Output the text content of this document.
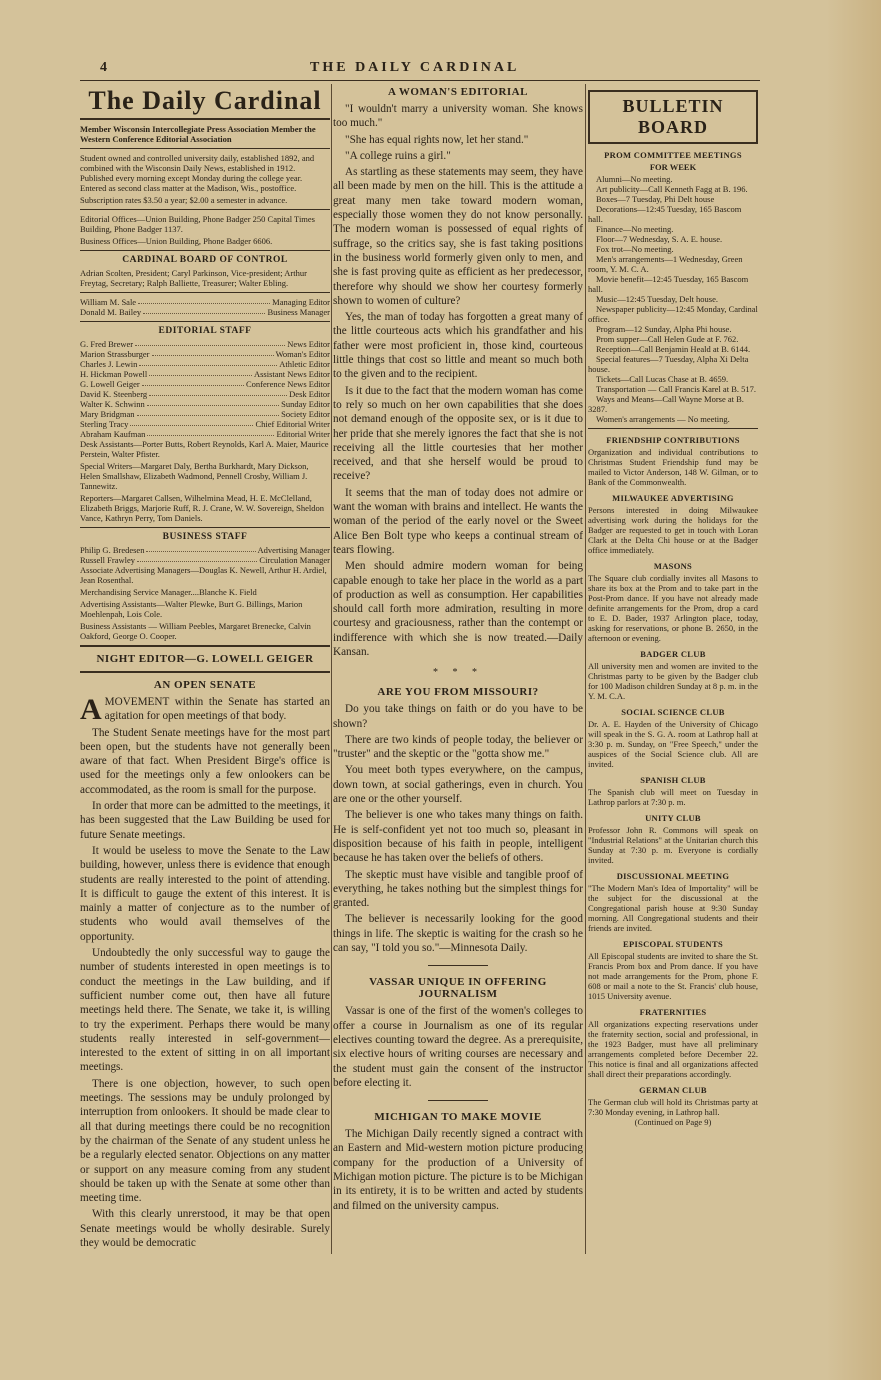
4	THE DAILY CARDINAL
The Daily Cardinal

Member Wisconsin Intercollegiate Press Association Member the Western Conference Editorial Association

Student owned and controlled university daily, established 1892, and combined with the Wisconsin Daily News, established in 1912. Published every morning except Monday during the college year. Entered as second class matter at the Madison, Wis., postoffice.

Subscription rates $3.50 a year; $2.00 a semester in advance.

Editorial Offices—Union Building, Phone Badger 250 Capital Times Building, Phone Badger 1137.

Business Offices—Union Building, Phone Badger 6606.

CARDINAL BOARD OF CONTROL

Adrian Scolten, President; Caryl Parkinson, Vice-president; Arthur Freytag, Secretary; Ralph Balliette, Treasurer; Walter Ebling.

William M. Sale	Managing Editor
Donald M. Bailey	Business Manager
EDITORIAL STAFF
G. Fred Brewer	News Editor
Marion Strassburger	Woman's Editor
Charles J. Lewin	Athletic Editor
H. Hickman Powell	Assistant News Editor
G. Lowell Geiger	Conference News Editor
David K. Steenberg	Desk Editor
Walter K. Schwinn	Sunday Editor
Mary Bridgman	Society Editor
Sterling Tracy	Chief Editorial Writer
Abraham Kaufman	Editorial Writer

Desk Assistants—Porter Butts, Robert Reynolds, Karl A. Maier, Maurice Perstein, Walter Pfister.

Special Writers—Margaret Daly, Bertha Burkhardt, Mary Dickson, Helen Smallshaw, Elizabeth Wadmond, Pennell Crosby, William J. Tannewitz.

Reporters—Margaret Callsen, Wilhelmina Mead, H. E. McClelland, Elizabeth Briggs, Marjorie Ruff, R. J. Crane, W. W. Sovereign, Sheldon Vance, Kathryn Perry, Tom Daniels.

BUSINESS STAFF
Philip G. Bredesen	Advertising Manager
Russell Frawley	Circulation Manager

Associate Advertising Managers—Douglas K. Newell, Arthur H. Ardiel, Jean Rosenthal.

Merchandising Service Manager....Blanche K. Field

Advertising Assistants—Walter Plewke, Burt G. Billings, Marion Moehlenpah, Lois Cole.

Business Assistants — William Peebles, Margaret Brenecke, Calvin Oakford, George O. Cooper.

NIGHT EDITOR—G. LOWELL GEIGER
AN OPEN SENATE

AMOVEMENT within the Senate has started an agitation for open meetings of that body.

The Student Senate meetings have for the most part been open, but the students have not generally been aware of that fact. When President Birge's office is used for the meetings only a few onlookers can be accommodated, as the room is small for the purpose.

In order that more can be admitted to the meetings, it has been suggested that the Law Building be used for future Senate meetings.

It would be useless to move the Senate to the Law building, however, unless there is evidence that enough students are really interested to the point of attending. It is difficult to gauge the extent of this interest. It is mainly a matter of conjecture as to the number of students who would avail themselves of the opportunity.

Undoubtedly the only successful way to gauge the number of students interested in open meetings is to conduct the meetings in the Law building, and if sufficient number come out, then have all future meetings held there. The Senate, we take it, is willing to try the experiment. Perhaps there would be many students really interested in self-government—interested to the extent of sitting in on all important meetings.

There is one objection, however, to such open meetings. The sessions may be unduly prolonged by interruption from onlookers. It should be made clear to all that during meetings there could be no recognition by the chairman of the Senate of any student unless he be a regularly elected senator. Objections on any matter or support on any measure coming from any student should be taken up with the Senate at some other than meeting time.

With this clearly unrerstood, it may be that open Senate meetings would be wholly desirable. Surely they would be democratic

A WOMAN'S EDITORIAL

"I wouldn't marry a university woman. She knows too much."

"She has equal rights now, let her stand."

"A college ruins a girl."

As startling as these statements may seem, they have all been made by men on the hill. This is the attitude a great many men take toward modern woman, especially those women they do not know personally. The modern woman is possessed of equal rights of suffrage, so the critics say, she is fast taking positions in the business world formerly given only to men, and she is fast proving quite as efficient as her predecessor, therefore why should we show her courtesy formerly shown to women of culture?

Yes, the man of today has forgotten a great many of the little courteous acts which his grandfather and his father were most proficient in, those kind, courteous little things that cost so little and meant so much both to the given and to the recipient.

Is it due to the fact that the modern woman has come to rely so much on her own capabilities that she does not demand enough of the opposite sex, or is it due to her pride that she merely ignores the fact that she is not receiving all the little courtesies that her mother received, and that she herself would be proud to receive?

It seems that the man of today does not admire or want the woman with brains and intellect. He wants the woman of the period of the early novel or the Sweet Alice Ben Bolt type who keeps a continual stream of tears flowing.

Men should admire modern woman for being capable enough to take her place in the world as a part of production as well as consumption. Her capabilities should call forth more admiration, resulting in more courtesy and graciousness, rather than the contempt or indifference with which she is now treated.—Daily Kansan.

* * *
ARE YOU FROM MISSOURI?

Do you take things on faith or do you have to be shown?

There are two kinds of people today, the believer or "truster" and the skeptic or the "gotta show me."

You meet both types everywhere, on the campus, down town, at social gatherings, even in church. You are one or the other yourself.

The believer is one who takes many things on faith. He is self-confident yet not too much so, pleasant in disposition because of his faith in people, intelligent because he has taken over the beliefs of others.

The skeptic must have visible and tangible proof of everything, he takes nothing but the simplest things for granted.

The believer is necessarily looking for the good things in life. The skeptic is waiting for the crash so he can say, "I told you so."—Minnesota Daily.

VASSAR UNIQUE IN OFFERING JOURNALISM

Vassar is one of the first of the women's colleges to offer a course in Journalism as one of its regular electives counting toward the degree. As a prerequisite, six elective hours of writing courses are necessary and the student must gain the consent of the instructor before electing it.

MICHIGAN TO MAKE MOVIE

The Michigan Daily recently signed a contract with an Eastern and Mid-western motion picture producing company for the production of a University of Michigan motion picture. The picture is to be Michigan in its entirety, it is to be written and acted by students and filmed on the university campus.

BULLETIN BOARD
PROM COMMITTEE MEETINGS
FOR WEEK

Alumni—No meeting.

Art publicity—Call Kenneth Fagg at B. 196.

Boxes—7 Tuesday, Phi Delt house

Decorations—12:45 Tuesday, 165 Bascom hall.

Finance—No meeting.

Floor—7 Wednesday, S. A. E. house.

Fox trot—No meeting.

Men's arrangements—1 Wednesday, Green room, Y. M. C. A.

Movie benefit—12:45 Tuesday, 165 Bascom hall.

Music—12:45 Tuesday, Delt house.

Newspaper publicity—12:45 Monday, Cardinal office.

Program—12 Sunday, Alpha Phi house.

Prom supper—Call Helen Gude at F. 762.

Reception—Call Benjamin Heald at B. 6144.

Special features—7 Tuesday, Alpha Xi Delta house.

Tickets—Call Lucas Chase at B. 4659.

Transportation — Call Francis Karel at B. 517.

Ways and Means—Call Wayne Morse at B. 3287.

Women's arrangements — No meeting.

FRIENDSHIP CONTRIBUTIONS

Organization and individual contributions to Christmas Student Friendship fund may be mailed to Victor Anderson, 148 W. Gilman, or to Bank of the Commonwealth.

MILWAUKEE ADVERTISING

Persons interested in doing Milwaukee advertising work during the holidays for the Badger are requested to get in touch with Loran Clark at the Delta Chi house or at the Badger office immediately.

MASONS

The Square club cordially invites all Masons to share its box at the Prom and to take part in the Post-Prom dance. If you have not already made definite arrangements for the Prom, drop a card to E. D. Bader, 1937 Arlington place, today, asking for reservations, or phone B. 2650, in the afternoon or evening.

BADGER CLUB

All university men and women are invited to the Christmas party to be given by the Badger club for 100 Madison children Sunday at 8 p. m. in the Y. M. C.A.

SOCIAL SCIENCE CLUB

Dr. A. E. Hayden of the University of Chicago will speak in the S. G. A. room at Lathrop hall at 3:30 p. m. Sunday, on "Free Speech," under the auspices of the Social Science club. All are invited.

SPANISH CLUB

The Spanish club will meet on Tuesday in Lathrop parlors at 7:30 p. m.

UNITY CLUB

Professor John R. Commons will speak on "Industrial Relations" at the Unitarian church this Sunday at 7:30 p. m. Everyone is cordially invited.

DISCUSSIONAL MEETING

"The Modern Man's Idea of Importality" will be the subject for the discussional at the Congregational parish house at 9:30 Sunday morning. All Congregational students and their friends are invited.

EPISCOPAL STUDENTS

All Episcopal students are invited to share the St. Francis Prom box and Prom dance. If you have not made arrangements for the Prom, phone F. 608 or mail a note to the St. Francis' club house, 1015 University avenue.

FRATERNITIES

All organizations expecting reservations under the fraternity section, social and professional, in the 1923 Badger, must have all preliminary arrangements completed before December 22. This notice is final and all organizations affected shall direct their preparations accordingly.

GERMAN CLUB

The German club will hold its Christmas party at 7:30 Monday evening, in Lathrop hall.

(Continued on Page 9)
